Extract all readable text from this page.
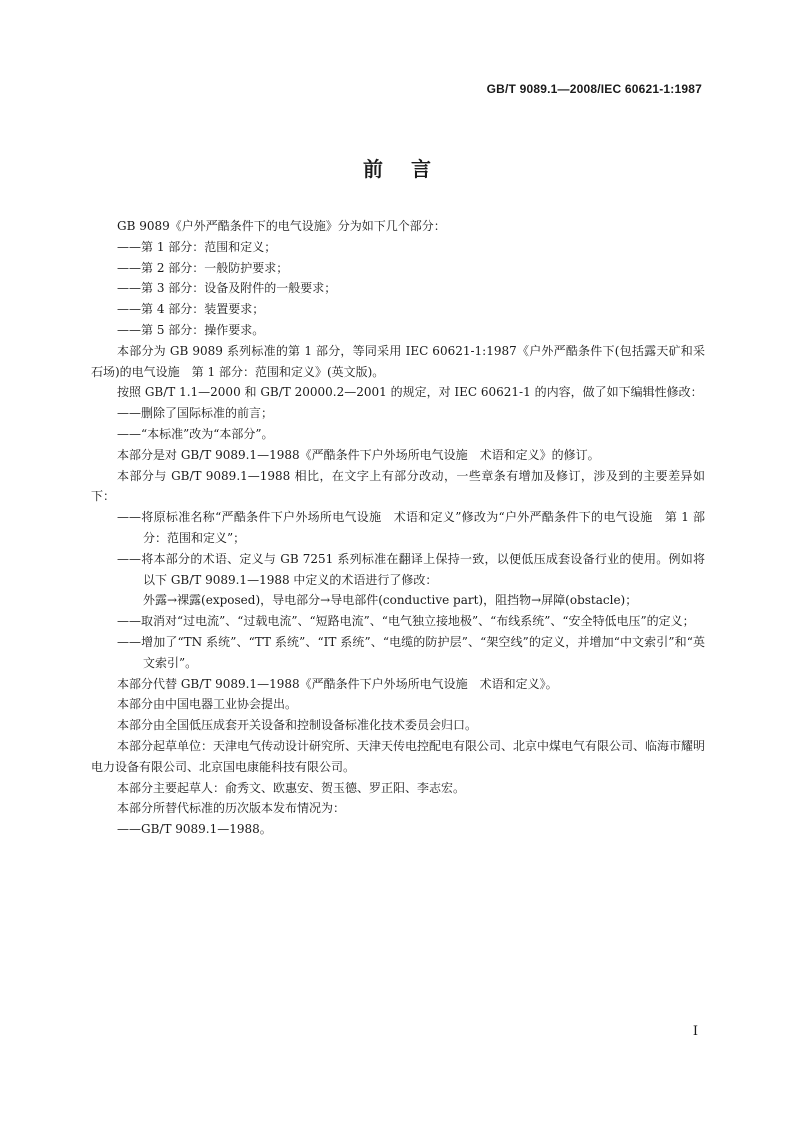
GB/T 9089.1—2008/IEC 60621-1:1987
前言

GB 9089《户外严酷条件下的电气设施》分为如下几个部分：

——第 1 部分：范围和定义；

——第 2 部分：一般防护要求；

——第 3 部分：设备及附件的一般要求；

——第 4 部分：装置要求；

——第 5 部分：操作要求。

本部分为 GB 9089 系列标准的第 1 部分，等同采用 IEC 60621-1:1987《户外严酷条件下(包括露天矿和采石场)的电气设施　第 1 部分：范围和定义》(英文版)。

按照 GB/T 1.1—2000 和 GB/T 20000.2—2001 的规定，对 IEC 60621-1 的内容，做了如下编辑性修改：

——删除了国际标准的前言；

——“本标准”改为“本部分”。

本部分是对 GB/T 9089.1—1988《严酷条件下户外场所电气设施　术语和定义》的修订。

本部分与 GB/T 9089.1—1988 相比，在文字上有部分改动，一些章条有增加及修订，涉及到的主要差异如下：

——将原标准名称“严酷条件下户外场所电气设施　术语和定义”修改为“户外严酷条件下的电气设施　第 1 部分：范围和定义”；

——将本部分的术语、定义与 GB 7251 系列标准在翻译上保持一致，以便低压成套设备行业的使用。例如将以下 GB/T 9089.1—1988 中定义的术语进行了修改：

外露→裸露(exposed)，导电部分→导电部件(conductive part)，阻挡物→屏障(obstacle)；

——取消对“过电流”、“过载电流”、“短路电流”、“电气独立接地极”、“布线系统”、“安全特低电压”的定义；

——增加了“TN 系统”、“TT 系统”、“IT 系统”、“电缆的防护层”、“架空线”的定义，并增加“中文索引”和“英文索引”。

本部分代替 GB/T 9089.1—1988《严酷条件下户外场所电气设施　术语和定义》。

本部分由中国电器工业协会提出。

本部分由全国低压成套开关设备和控制设备标准化技术委员会归口。

本部分起草单位：天津电气传动设计研究所、天津天传电控配电有限公司、北京中煤电气有限公司、临海市耀明电力设备有限公司、北京国电康能科技有限公司。

本部分主要起草人：俞秀文、欧惠安、贺玉德、罗正阳、李志宏。

本部分所替代标准的历次版本发布情况为：

——GB/T 9089.1—1988。

I
